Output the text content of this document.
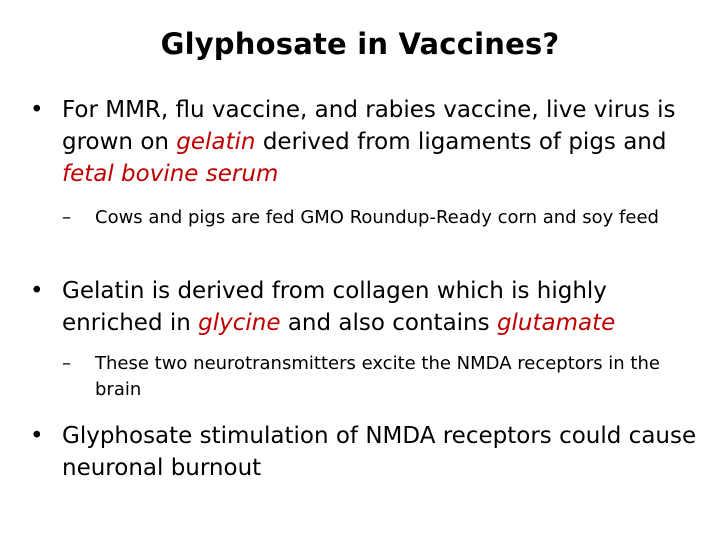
Glyphosate in Vaccines?
• For MMR, flu vaccine, and rabies vaccine, live virus is grown on gelatin derived from ligaments of pigs and fetal bovine serum
– Cows and pigs are fed GMO Roundup-Ready corn and soy feed
• Gelatin is derived from collagen which is highly enriched in glycine and also contains glutamate
– These two neurotransmitters excite the NMDA receptors in the brain
• Glyphosate stimulation of NMDA receptors could cause neuronal burnout
